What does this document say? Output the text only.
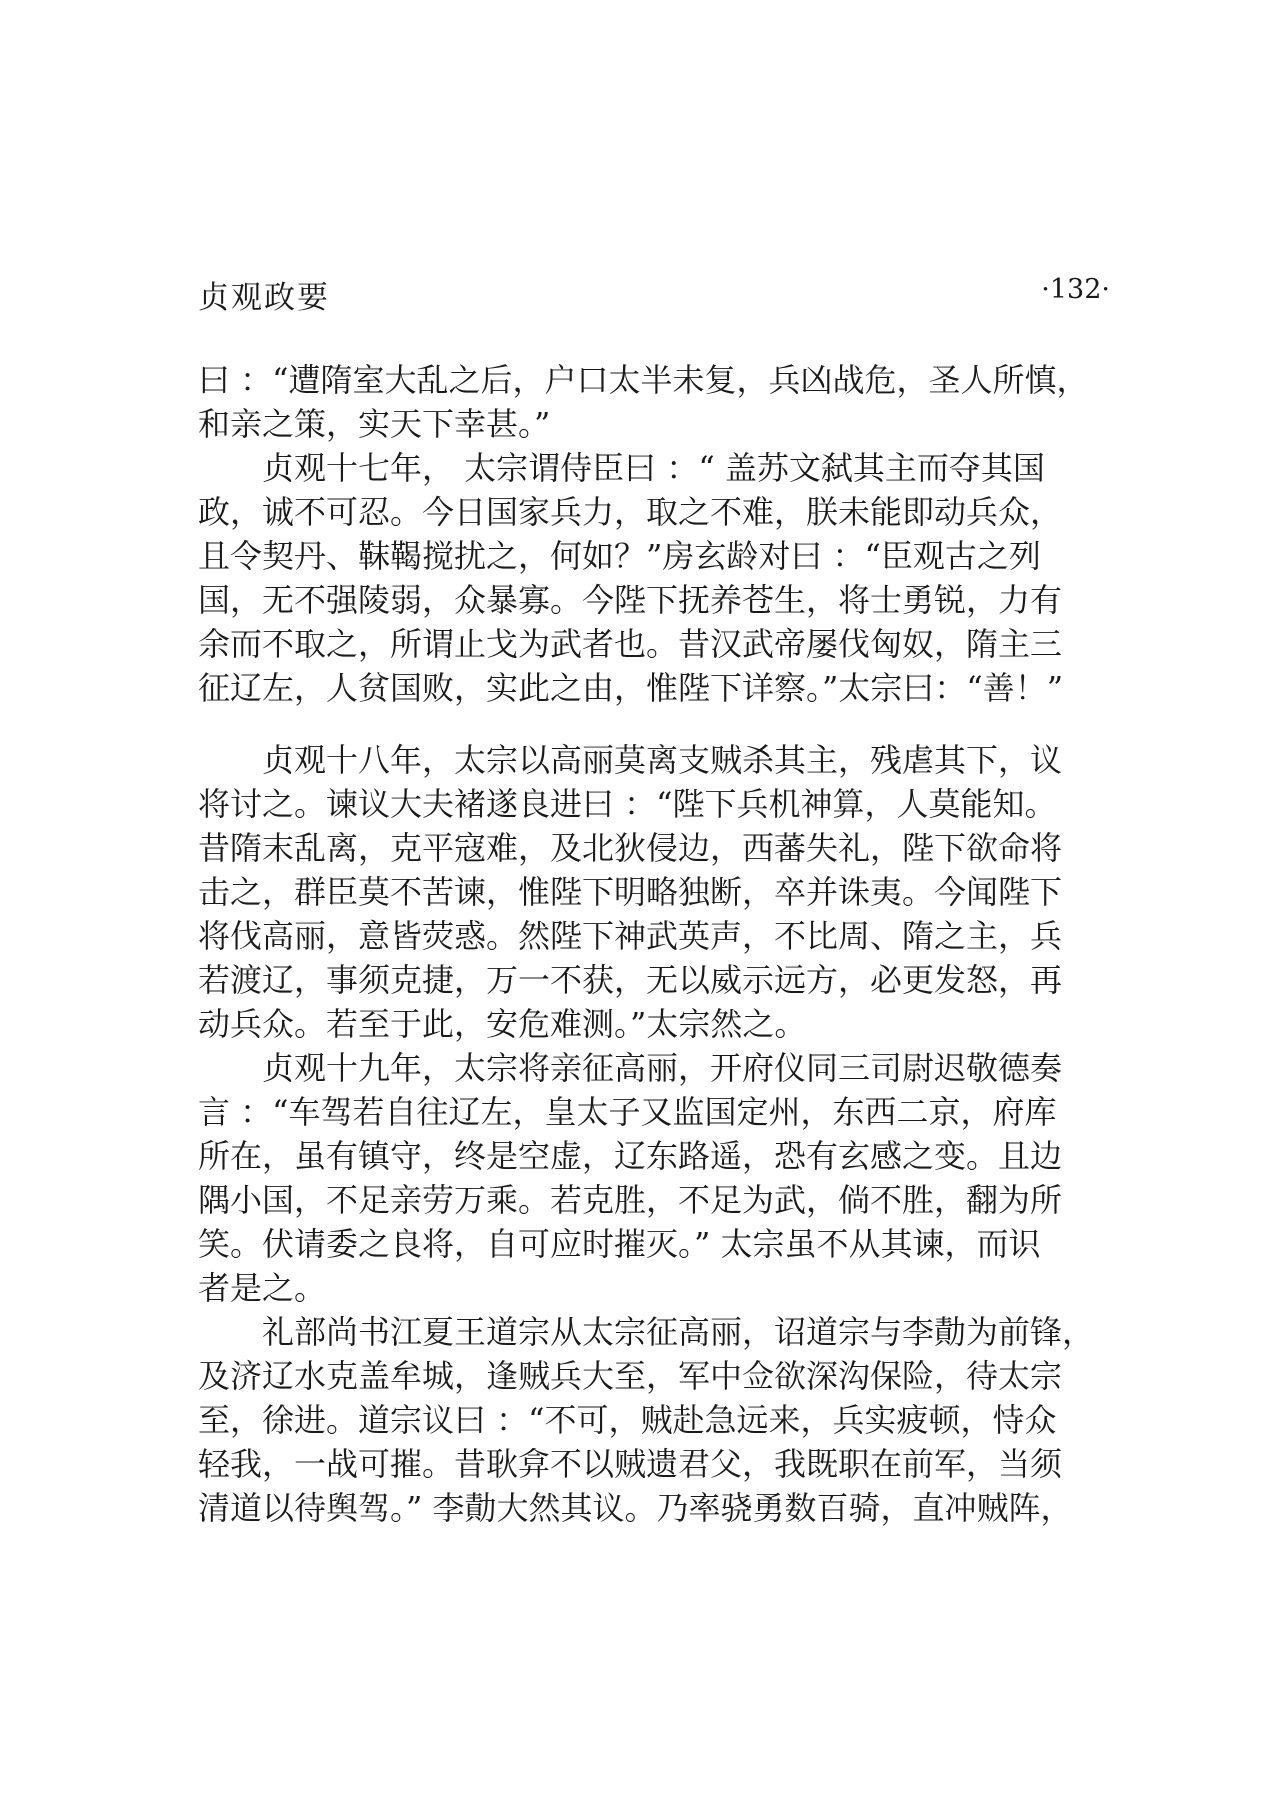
贞观政要	·132·
曰 ：“遭隋室大乱之后，户口太半未复，兵凶战危，圣人所慎，
和亲之策，实天下幸甚。”
贞观十七年， 太宗谓侍臣曰 ：“ 盖苏文弑其主而夺其国
政，诚不可忍。今日国家兵力，取之不难，朕未能即动兵众，
且令契丹、靺鞨搅扰之，何如？”房玄龄对曰 ：“臣观古之列
国，无不强陵弱，众暴寡。今陛下抚养苍生，将士勇锐，力有
余而不取之，所谓止戈为武者也。昔汉武帝屡伐匈奴，隋主三
征辽左，人贫国败，实此之由，惟陛下详察。”太宗曰：“善！”
贞观十八年，太宗以高丽莫离支贼杀其主，残虐其下，议
将讨之。谏议大夫褚遂良进曰 ：“陛下兵机神算，人莫能知。
昔隋末乱离，克平寇难，及北狄侵边，西蕃失礼，陛下欲命将
击之，群臣莫不苦谏，惟陛下明略独断，卒并诛夷。今闻陛下
将伐高丽，意皆荧惑。然陛下神武英声，不比周、隋之主，兵
若渡辽，事须克捷，万一不获，无以威示远方，必更发怒，再
动兵众。若至于此，安危难测。”太宗然之。
贞观十九年，太宗将亲征高丽，开府仪同三司尉迟敬德奏
言 ：“车驾若自往辽左，皇太子又监国定州，东西二京，府库
所在，虽有镇守，终是空虚，辽东路遥，恐有玄感之变。且边
隅小国，不足亲劳万乘。若克胜，不足为武，倘不胜，翻为所
笑。伏请委之良将，自可应时摧灭。” 太宗虽不从其谏，而识
者是之。
礼部尚书江夏王道宗从太宗征高丽，诏道宗与李勣为前锋，
及济辽水克盖牟城，逢贼兵大至，军中佥欲深沟保险，待太宗
至，徐进。道宗议曰 ：“不可，贼赴急远来，兵实疲顿，恃众
轻我，一战可摧。昔耿弇不以贼遗君父，我既职在前军，当须
清道以待舆驾。” 李勣大然其议。乃率骁勇数百骑，直冲贼阵，
